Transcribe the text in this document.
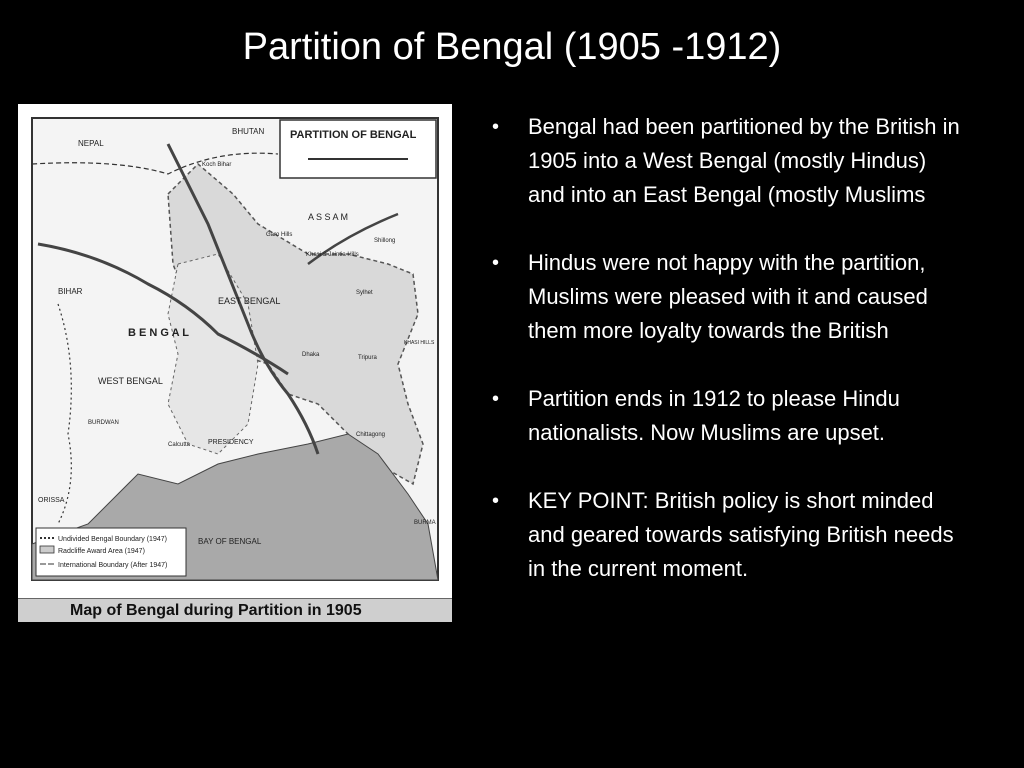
Partition of Bengal (1905 -1912)
PARTITION OF BENGAL
Undivided Bengal Boundary (1947)
Radcliffe Award Area (1947)
International Boundary (After 1947)
NEPAL
BHUTAN
Koch Bihar
A S S A M
Garo Hills
Khasi & Jaintia Hills
Shillong
BIHAR
EAST BENGAL
B E N G A L
Sylhet
Dhaka	Tripura
KHASI HILLS
WEST BENGAL
BURDWAN
Calcutta	PRESIDENCY
Chittagong
ORISSA
BAY OF BENGAL
BURMA
Map of Bengal during Partition in 1905
• Bengal had been partitioned by the British in 1905 into a West Bengal (mostly Hindus) and into an East Bengal (mostly Muslims
• Hindus were not happy with the partition, Muslims were pleased with it and caused them more loyalty towards the British
• Partition ends in 1912 to please Hindu nationalists. Now Muslims are upset.
• KEY POINT: British policy is short minded and geared towards satisfying British needs in the current moment.
